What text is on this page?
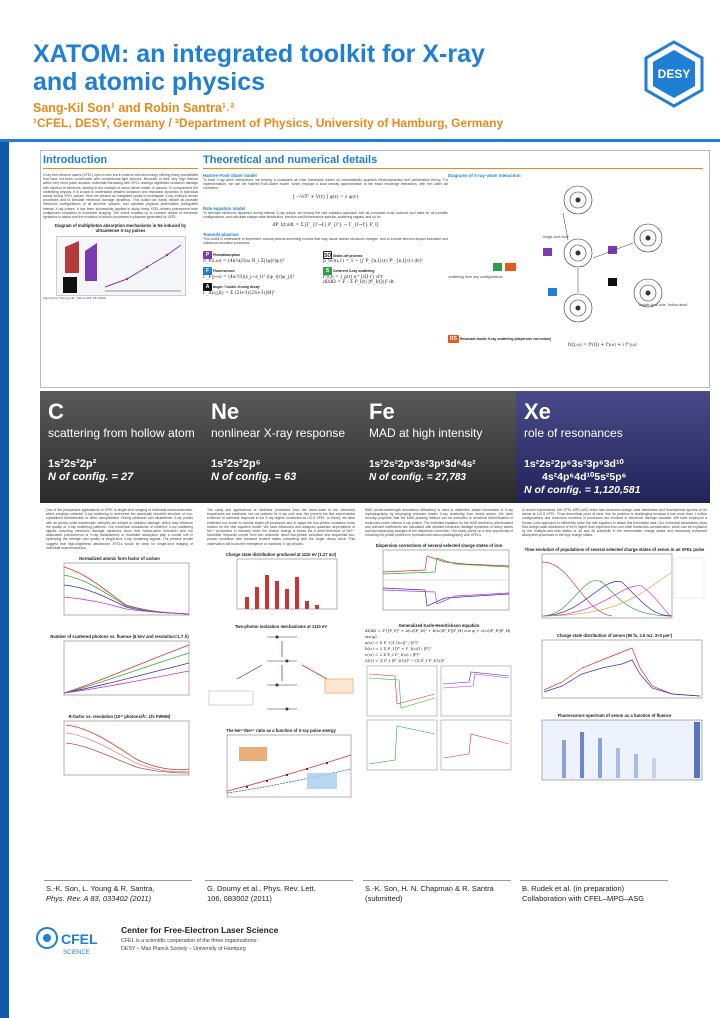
XATOM: an integrated toolkit for X-ray
and atomic physics
Sang-Kil Son¹ and Robin Santra¹˒²
¹CFEL, DESY, Germany / ²Department of Physics, University of Hamburg, Germany
DESY
Introduction
X-ray free-electron lasers (XFEL) open a new era in science and technology offering many possibilities that have not been conceivable with conventional light sources. Because of their very high fluence within very short pulse duration, materials interacting with XFEL undergo significant ionization damage with ejection of electrons, leading to the creation of warm dense matter or plasma. To comprehend the underlying physics, it is crucial to understand detailed ionization and relaxation dynamics in individual atoms during XFEL pulses. Here we present an integrated toolkit to investigate X-ray–induced atomic processes and to simulate electronic damage dynamics. This toolkit can easily handle all possible electronic configurations of all atom/ion species, and calculate physical observables during/after intense X-ray pulses. It has been successfully applied to study many XFEL-related phenomena from multiphoton ionization to molecular imaging. The toolkit enables us to connect details of electronic dynamics in atoms and the evolution of atomic processes in plasmas generated by XFEL.
Diagram of multiphoton absorption mechanisms in Ne induced by ultraintense X-ray pulses
Figure from Young et al., Nature 466, 56 (2010).
Theoretical and numerical details
Hartree-Fock-Slater model
To treat X-ray–atom interactions, we employ a consistent ab initio framework based on nonrelativistic quantum electrodynamics and perturbation theory. For implementation, we use the Hartree-Fock-Slater model, which employs a local density approximation to the exact exchange interaction, with the Latter tail correction.
[ −½∇² + V(r) ] ψ(r) = ε ψ(r)
Rate equation model
To simulate electronic dynamics during intense X-ray pulses, we employ the rate equation approach with all computed cross sections and rates for all possible configurations, and calculate charge state distribution, electron and fluorescence spectra, scattering signals, and so on.
dP_I(t)/dt = Σ [Γ_{I'→I} P_{I'} − Γ_{I→I'} P_I]
Towards plasmas
This toolkit is extendable to implement various plasma screening models that may cause atomic structural changes, and to include electron-impact ionization and collisional ionization processes.
P Photoabsorption
σ_P(i,ω) = (4π²α/3)ω N_i Σ|⟨ψ|r|ψ⟩|²
F Fluorescence
Γ_F(j→i) = (4α³/3)(ε_j−ε_i)³ |⟨ψ_i|r|ψ_j⟩|²
A Auger / Coster–Kronig decay
Γ_A(i;j,k) = Σ (2l+1)(2S+1)|M|²
SO Shake-off process
p_SO(i,i') = 1 − |∫ P_{n,l}(r) P'_{n,l}(r) dr|²
S Coherent X-ray scattering
f⁰(Q) = ∫ ρ(r) e^{iQ·r} d³r
dI/dΩ = F · Σ P_I(t) |f⁰_I(Q)|² dt
Diagrams of X-ray–atom interaction
single-core-hole
scattering from any configurations
double-core-hole "hollow atom"
RS Resonant elastic X-ray scattering (dispersive correction)
f(Q,ω) = f⁰(Q) + f'(ω) + i f''(ω)
C
scattering from hollow atom
1s²2s²2p²
N of config. = 27
Ne
nonlinear X-ray response
1s²2s²2p⁶
N of config. = 63
Fe
MAD at high intensity
1s²2s²2p⁶3s²3p⁶3d⁶4s²
N of config. = 27,783
Xe
role of resonances
1s²2s²2p⁶3s²3p⁶3d¹⁰
4s²4p⁶4d¹⁰5s²5p⁶
N of config. = 1,120,581
One of the prospective applications of XFEL is single-shot imaging of individual macromolecules, which employs coherent X-ray scattering to determine the atomically resolved structure of non-crystallized biomolecules or other nanoparticles. During ultrashort and ultraintense X-ray pulses with an atomic scale wavelength, samples are subject to radiation damage, which may influence the quality of X-ray scattering patterns. Our numerical simulations of coherent X-ray scattering signals including electronic damage dynamics show that hollow-atom formation and the associated phenomenon of X-ray transparency or frustrated absorption play a crucial role in optimizing the strength and quality of single-shot X-ray scattering signals. The present results suggest that high-brightness attosecond XFELs would be ideal for single-shot imaging of individual macromolecules.
Normalized atomic form factor of carbon
Number of scattered photons vs. fluence (8 keV and resolution=1.7 Å)
R-factor vs. resolution (10¹² photons/Å², 1fs FWHM)
The study and applications of nonlinear processes from the micro-wave to the ultraviolet frequencies are extensive, but not realized for X-ray until now. We present the first experimental evidence of nonlinear response in the X-ray regime conducted at LCLS XFEL. In theory, we have extended our model to include shake-off processes and to adapt the two-photon ionization cross section for the rate equation model. We have measured and analyzed quadratic dependence of Ne⁹⁺ production in intensity when the photon energy is below the K-shell threshold of Ne⁸⁺. Nonlinear response comes from two channels: direct two-photon ionization and sequential two-photon ionization with transient excited states competing with the Auger decay clock. This observation will boost the emergence of nonlinear X-ray physics.
Charge state distribution produced at 1110 eV (1.27 mJ)
Two-photon ionization mechanisms at 1110 eV
The Ne⁹⁺/Ne⁸⁺ ratio as a function of X-ray pulse energy
MAD (multi-wavelength anomalous diffraction) is used to determine phase information in X-ray crystallography by employing resonant elastic X-ray scattering from heavy atoms. We have recently proposed that the MAD phasing method can be extended to structural determination of molecules under intense X-ray pulses. The essential equation for the MAD method is reformulated and relevant coefficients are calculated with detailed electronic damage dynamics of heavy atoms and accompanying changes of the dispersion correction. Our study opens up a new opportunity of resolving the phase problem in femtosecond nanocrystallography with XFELs.
Dispersion corrections of several selected charge states of iron
Generalized Karle-Hendrickson equation
dI/dΩ = F [|F_P|² + a(ω)|F_H|² + b(ω)|F_P||F_H| cos φ + c(ω)|F_P||F_H| sin φ]
a(ω) = Σ P_I |f_I(ω)|² / |f⁰|²
b(ω) = 2 Σ P_I [f⁰ + f'_I(ω)] / |f⁰|²
c(ω) = 2 Σ P_I f''_I(ω) / |f⁰|²
S(Q) = Σ P_I [f⁰_I(Q)]² − [Σ P_I f⁰_I(Q)]²
In recent experiments, the CFEL-MPG-ASG team has measured charge state distribution and fluorescence spectra of Xe atoms at LCLS XFEL. From theoretical point of view, this Xe problem is challenging because it has more than 1 million configurations and enormous numbers of processes are involved in electronic damage cascade. We have employed a Monte-Carlo approach to effectively solve the rate equation to attack this formidable task. Our numerical simulations show that charge state distribution of Xe is higher than expected from one-shell thresholds consideration, which can be explained by the multiple-core-hole states of 3p and 3d subshells in the intermediate charge states and resonantly enhanced absorption processes in the high charge states.
Time evolution of populations of several selected charge states of xenon in an XFEL pulse
Charge state distribution of xenon (80 fs, 2.6 mJ, 3×3 μm²)
Fluorescence spectrum of xenon as a function of fluence
S.-K. Son, L. Young & R. Santra,
Phys. Rev. A 83, 033402 (2011)
G. Doumy et al., Phys. Rev. Lett.
106, 083002 (2011)
S.-K. Son, H. N. Chapman & R. Santra
(submitted)
B. Rudek et al. (in preparation)
Collaboration with CFEL–MPG–ASG
CFEL
SCIENCE
Center for Free-Electron Laser Science
CFEL is a scientific cooperation of the three organizations:
DESY – Max Planck Society – University of Hamburg
